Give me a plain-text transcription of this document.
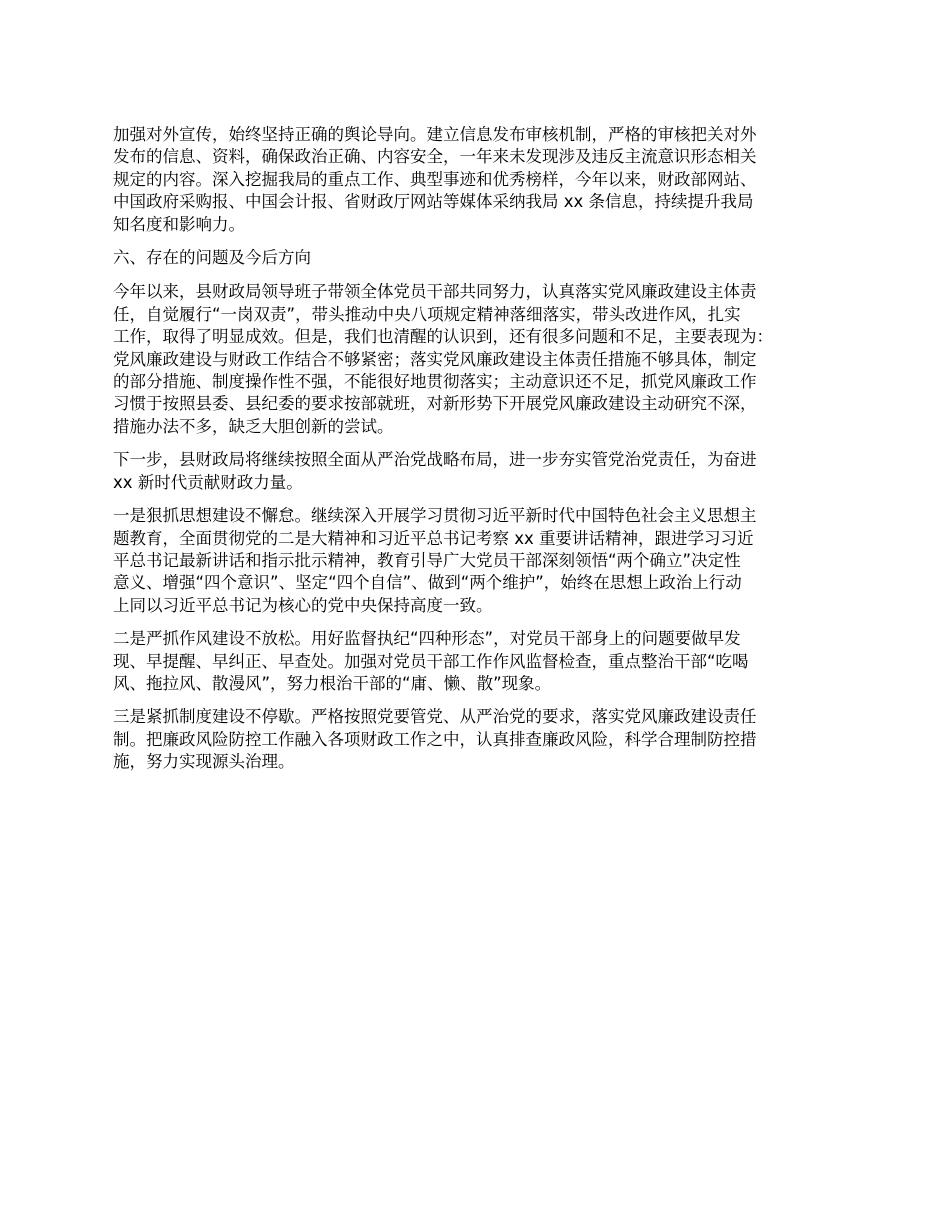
加强对外宣传，始终坚持正确的舆论导向。建立信息发布审核机制，严格的审核把关对外
发布的信息、资料，确保政治正确、内容安全，一年来未发现涉及违反主流意识形态相关
规定的内容。深入挖掘我局的重点工作、典型事迹和优秀榜样，今年以来，财政部网站、
中国政府采购报、中国会计报、省财政厅网站等媒体采纳我局 xx 条信息，持续提升我局
知名度和影响力。

六、存在的问题及今后方向

今年以来，县财政局领导班子带领全体党员干部共同努力，认真落实党风廉政建设主体责
任，自觉履行“一岗双责”，带头推动中央八项规定精神落细落实，带头改进作风，扎实
工作，取得了明显成效。但是，我们也清醒的认识到，还有很多问题和不足，主要表现为：
党风廉政建设与财政工作结合不够紧密；落实党风廉政建设主体责任措施不够具体，制定
的部分措施、制度操作性不强，不能很好地贯彻落实；主动意识还不足，抓党风廉政工作
习惯于按照县委、县纪委的要求按部就班，对新形势下开展党风廉政建设主动研究不深，
措施办法不多，缺乏大胆创新的尝试。

下一步，县财政局将继续按照全面从严治党战略布局，进一步夯实管党治党责任，为奋进
xx 新时代贡献财政力量。

一是狠抓思想建设不懈怠。继续深入开展学习贯彻习近平新时代中国特色社会主义思想主
题教育，全面贯彻党的二是大精神和习近平总书记考察 xx 重要讲话精神，跟进学习习近
平总书记最新讲话和指示批示精神，教育引导广大党员干部深刻领悟“两个确立”决定性
意义、增强“四个意识”、坚定“四个自信”、做到“两个维护”，始终在思想上政治上行动
上同以习近平总书记为核心的党中央保持高度一致。

二是严抓作风建设不放松。用好监督执纪“四种形态”，对党员干部身上的问题要做早发
现、早提醒、早纠正、早查处。加强对党员干部工作作风监督检查，重点整治干部“吃喝
风、拖拉风、散漫风”，努力根治干部的“庸、懒、散”现象。

三是紧抓制度建设不停歇。严格按照党要管党、从严治党的要求，落实党风廉政建设责任
制。把廉政风险防控工作融入各项财政工作之中，认真排查廉政风险，科学合理制防控措
施，努力实现源头治理。
